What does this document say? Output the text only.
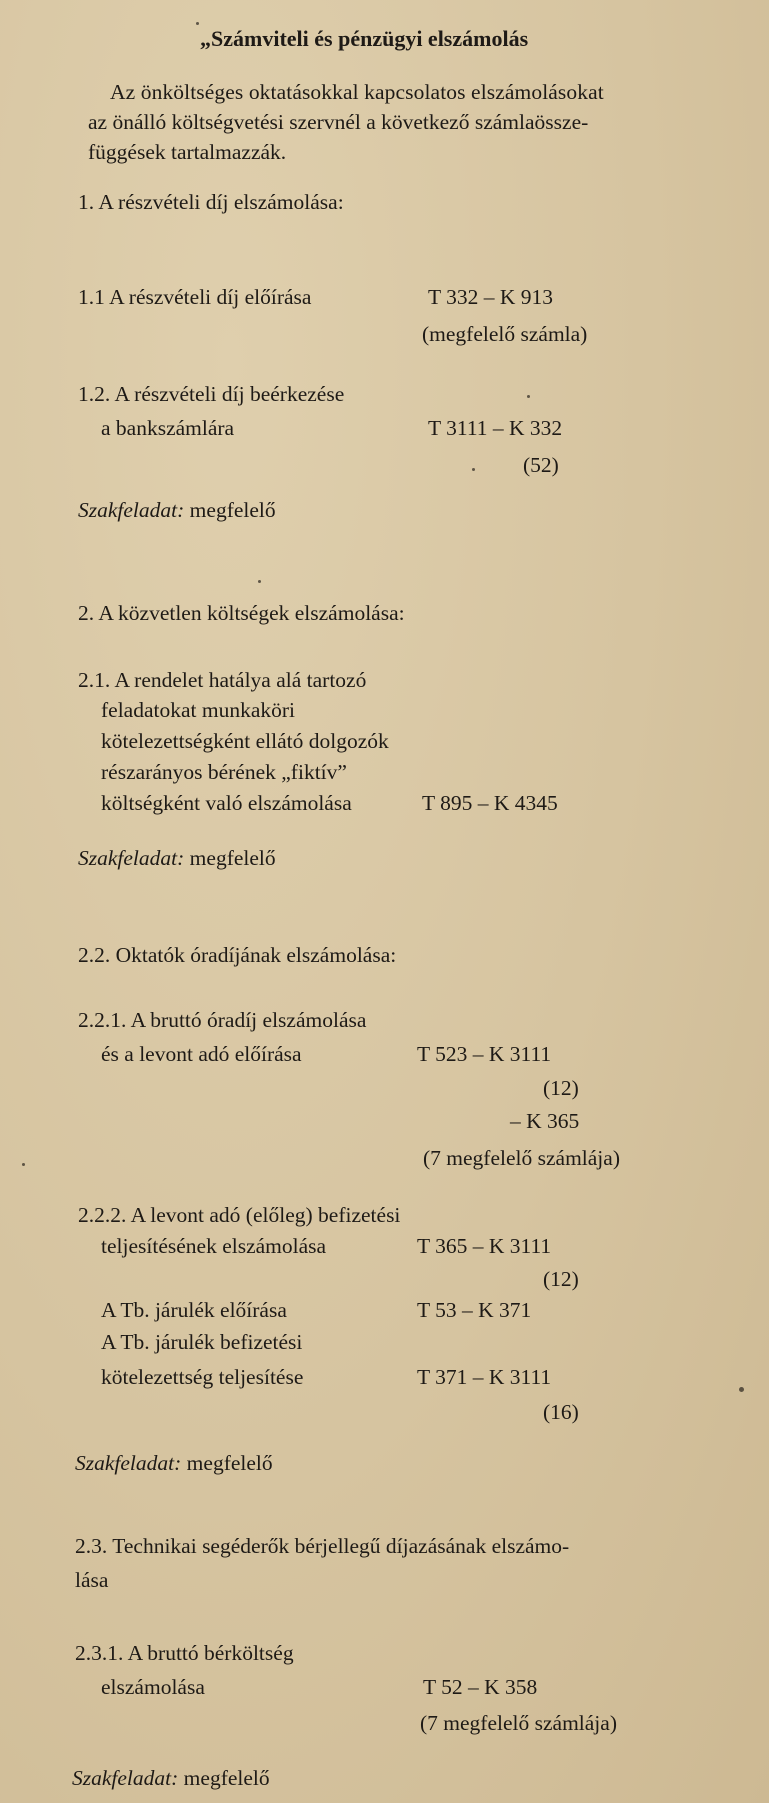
„Számviteli és pénzügyi elszámolás
Az önköltséges oktatásokkal kapcsolatos elszámolásokat
az önálló költségvetési szervnél a következő számlaössze-
függések tartalmazzák.
1. A részvételi díj elszámolása:
1.1 A részvételi díj előírása	T 332 – K 913
(megfelelő számla)
1.2. A részvételi díj beérkezése
a bankszámlára	T 3111 – K 332
(52)
Szakfeladat: megfelelő
2. A közvetlen költségek elszámolása:
2.1. A rendelet hatálya alá tartozó
feladatokat munkaköri
kötelezettségként ellátó dolgozók
részarányos bérének „fiktív”
költségként való elszámolása	T 895 – K 4345
Szakfeladat: megfelelő
2.2. Oktatók óradíjának elszámolása:
2.2.1. A bruttó óradíj elszámolása
és a levont adó előírása	T 523 – K 3111
(12)
– K 365
(7 megfelelő számlája)
2.2.2. A levont adó (előleg) befizetési
teljesítésének elszámolása	T 365 – K 3111
(12)
A Tb. járulék előírása	T 53 – K 371
A Tb. járulék befizetési
kötelezettség teljesítése	T 371 – K 3111
(16)
Szakfeladat: megfelelő
2.3. Technikai segéderők bérjellegű díjazásának elszámo-
lása
2.3.1. A bruttó bérköltség
elszámolása	T 52 – K 358
(7 megfelelő számlája)
Szakfeladat: megfelelő
